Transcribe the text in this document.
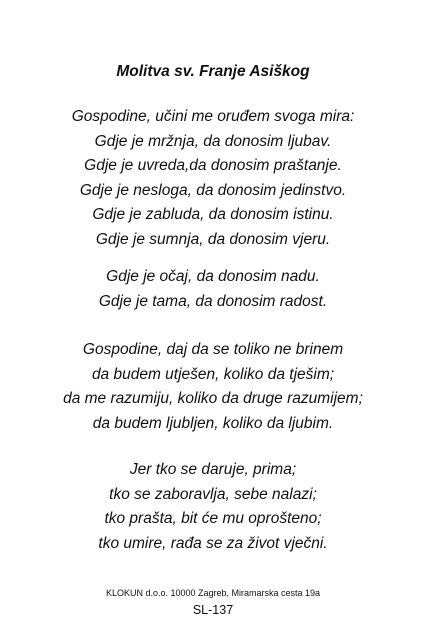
Molitva sv. Franje Asiškog
Gospodine, učini me oruđem svoga mira:
Gdje je mržnja, da donosim ljubav.
Gdje je uvreda,da donosim praštanje.
Gdje je nesloga, da donosim jedinstvo.
Gdje je zabluda, da donosim istinu.
Gdje je sumnja, da donosim vjeru.
Gdje je očaj, da donosim nadu.
Gdje je tama, da donosim radost.
Gospodine, daj da se toliko ne brinem
da budem utješen, koliko da tješim;
da me razumiju, koliko da druge razumijem;
da budem ljubljen, koliko da ljubim.
Jer tko se daruje, prima;
tko se zaboravlja, sebe nalazi;
tko prašta, bit će mu oprošteno;
tko umire, rađa se za život vječni.
KLOKUN d.o.o. 10000 Zagreb, Miramarska cesta 19a
SL-137
